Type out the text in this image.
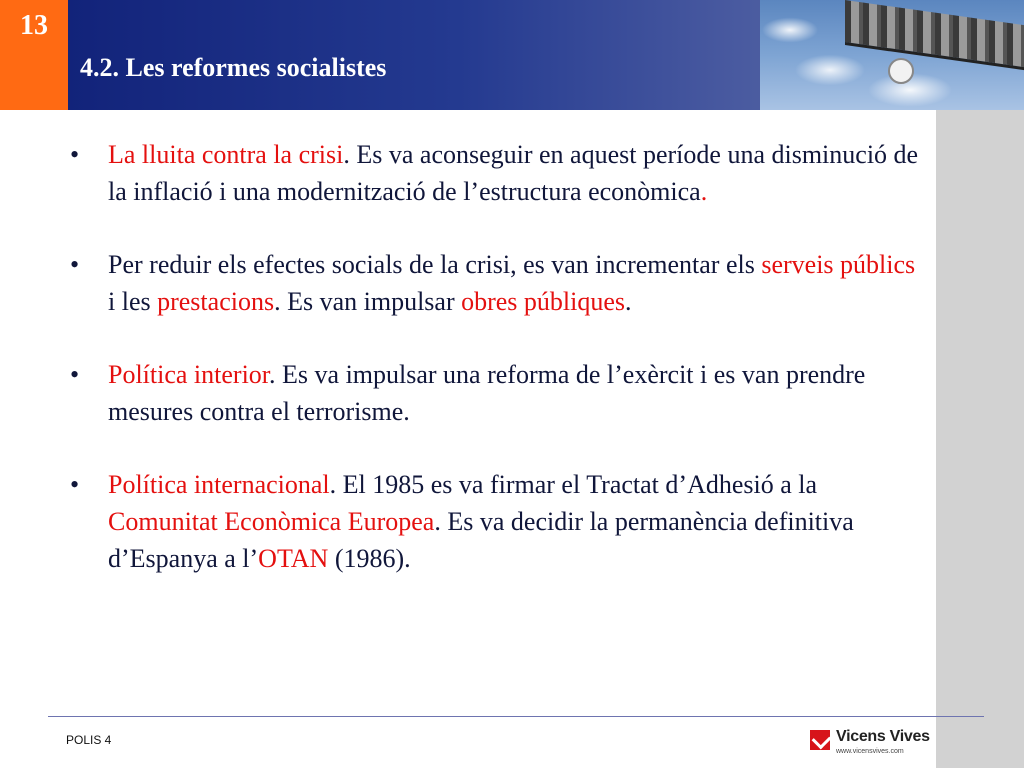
13
4.2. Les reformes socialistes
• La lluita contra la crisi. Es va aconseguir en aquest període una disminució de la inflació i una modernització de l’estructura econòmica.
• Per reduir els efectes socials de la crisi, es van incrementar els serveis públics i les prestacions. Es van impulsar obres públiques.
• Política interior. Es va impulsar una reforma de l’exèrcit i es van prendre mesures contra el terrorisme.
• Política internacional. El 1985 es va firmar el Tractat d’Adhesió a la Comunitat Econòmica Europea. Es va decidir la permanència definitiva d’Espanya a l’OTAN (1986).
POLIS 4	Vicens Vives
www.vicensvives.com
